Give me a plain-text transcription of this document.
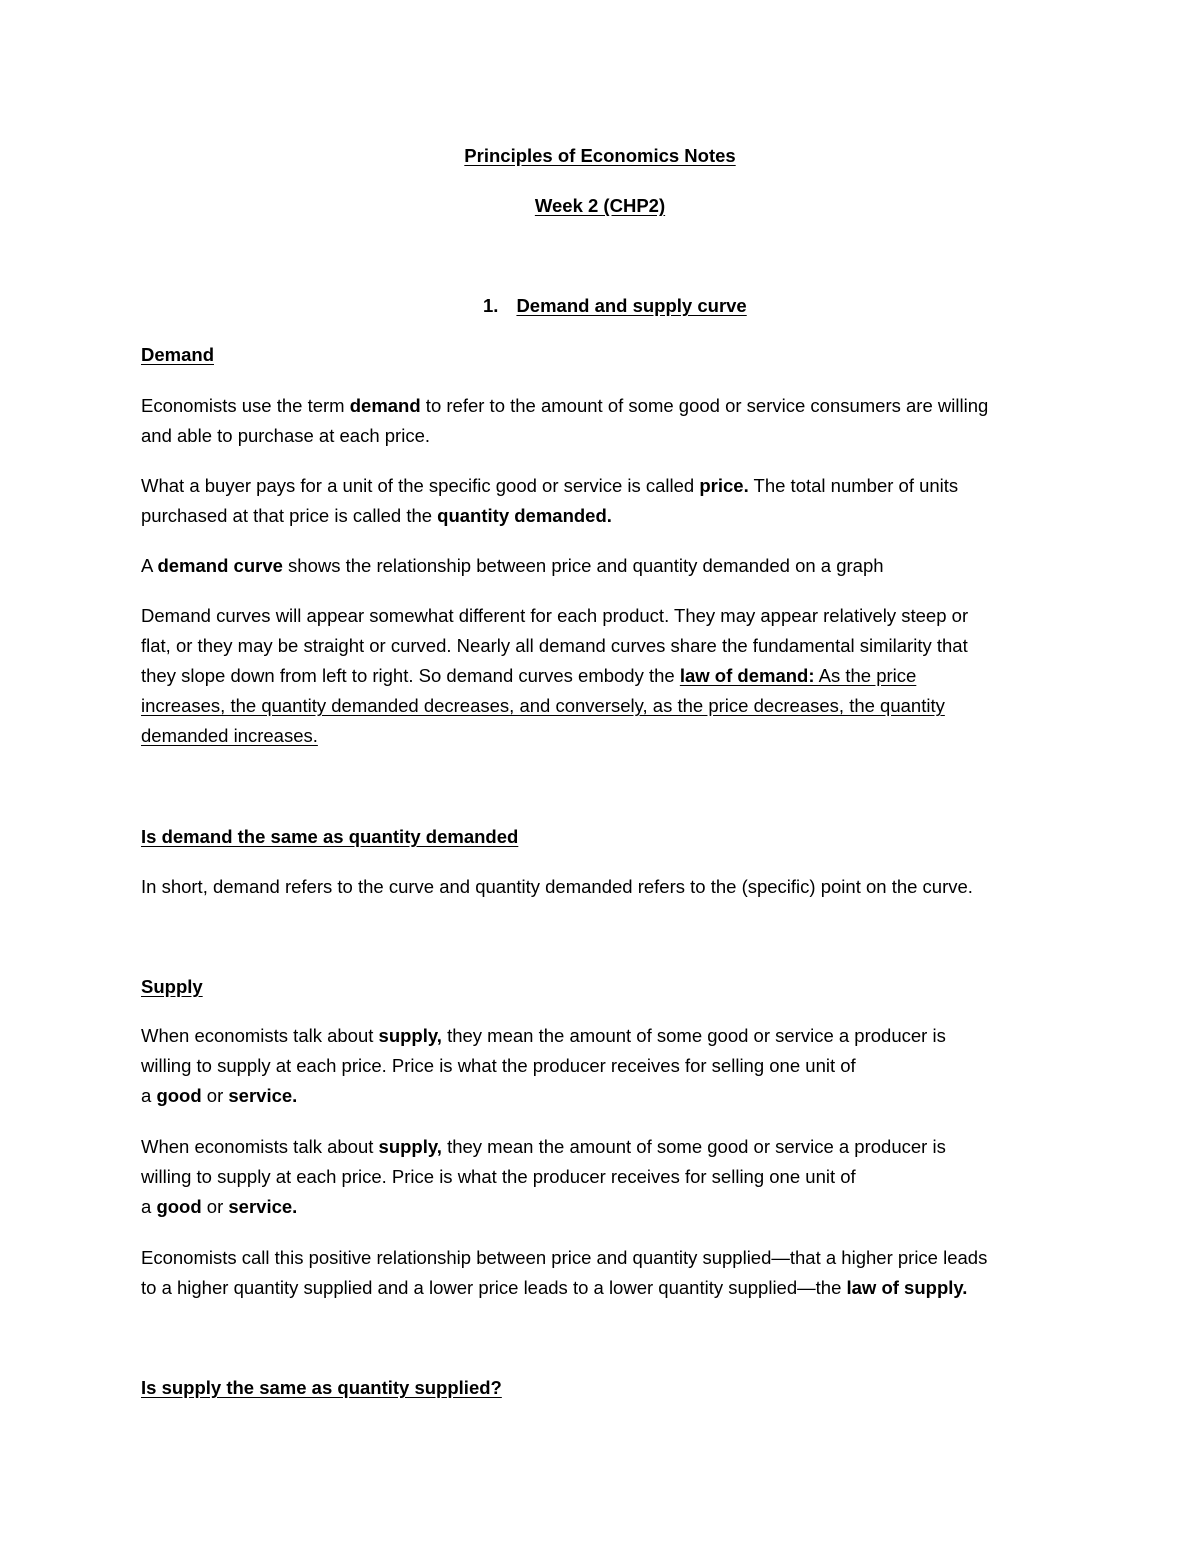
Principles of Economics Notes

Week 2 (CHP2)

1. Demand and supply curve

Demand

Economists use the term demand to refer to the amount of some good or service consumers are willing

and able to purchase at each price.

What a buyer pays for a unit of the specific good or service is called price. The total number of units

purchased at that price is called the quantity demanded.

A demand curve shows the relationship between price and quantity demanded on a graph

Demand curves will appear somewhat different for each product. They may appear relatively steep or

flat, or they may be straight or curved. Nearly all demand curves share the fundamental similarity that

they slope down from left to right. So demand curves embody the law of demand: As the price

increases, the quantity demanded decreases, and conversely, as the price decreases, the quantity

demanded increases.

Is demand the same as quantity demanded

In short, demand refers to the curve and quantity demanded refers to the (specific) point on the curve.

Supply

When economists talk about supply, they mean the amount of some good or service a producer is

willing to supply at each price. Price is what the producer receives for selling one unit of

a good or service.

When economists talk about supply, they mean the amount of some good or service a producer is

willing to supply at each price. Price is what the producer receives for selling one unit of

a good or service.

Economists call this positive relationship between price and quantity supplied—that a higher price leads

to a higher quantity supplied and a lower price leads to a lower quantity supplied—the law of supply.

Is supply the same as quantity supplied?
